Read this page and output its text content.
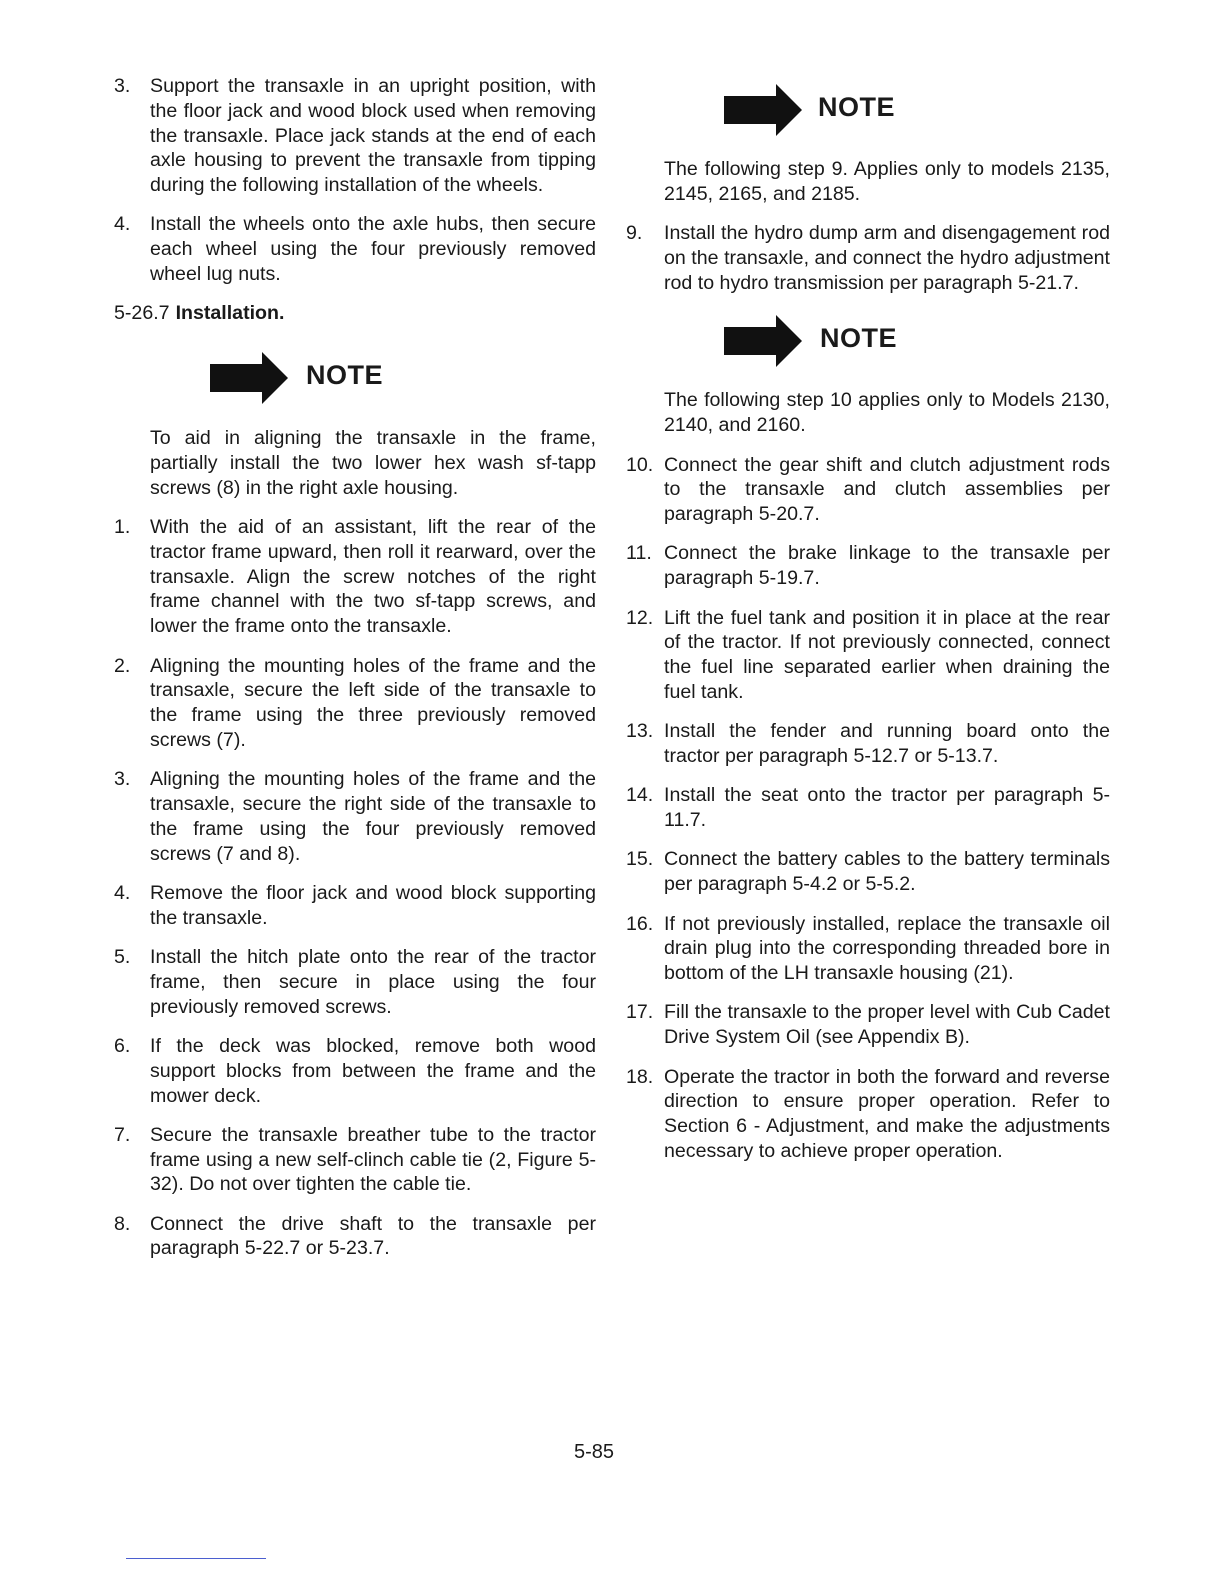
3. Support the transaxle in an upright position, with the floor jack and wood block used when removing the transaxle. Place jack stands at the end of each axle housing to prevent the transaxle from tipping during the following installation of the wheels.
4. Install the wheels onto the axle hubs, then secure each wheel using the four previously removed wheel lug nuts.
5-26.7 Installation.
NOTE

To aid in aligning the transaxle in the frame, partially install the two lower hex wash sf-tapp screws (8) in the right axle housing.

1. With the aid of an assistant, lift the rear of the tractor frame upward, then roll it rearward, over the transaxle. Align the screw notches of the right frame channel with the two sf-tapp screws, and lower the frame onto the transaxle.
2. Aligning the mounting holes of the frame and the transaxle, secure the left side of the transaxle to the frame using the three previously removed screws (7).
3. Aligning the mounting holes of the frame and the transaxle, secure the right side of the transaxle to the frame using the four previously removed screws (7 and 8).
4. Remove the floor jack and wood block supporting the transaxle.
5. Install the hitch plate onto the rear of the tractor frame, then secure in place using the four previously removed screws.
6. If the deck was blocked, remove both wood support blocks from between the frame and the mower deck.
7. Secure the transaxle breather tube to the tractor frame using a new self-clinch cable tie (2, Figure 5-32). Do not over tighten the cable tie.
8. Connect the drive shaft to the transaxle per paragraph 5-22.7 or 5-23.7.
NOTE

The following step 9. Applies only to models 2135, 2145, 2165, and 2185.

9. Install the hydro dump arm and disengagement rod on the transaxle, and connect the hydro adjustment rod to hydro transmission per paragraph 5-21.7.
NOTE

The following step 10 applies only to Models 2130, 2140, and 2160.

10. Connect the gear shift and clutch adjustment rods to the transaxle and clutch assemblies per paragraph 5-20.7.
11. Connect the brake linkage to the transaxle per paragraph 5-19.7.
12. Lift the fuel tank and position it in place at the rear of the tractor. If not previously connected, connect the fuel line separated earlier when draining the fuel tank.
13. Install the fender and running board onto the tractor per paragraph 5-12.7 or 5-13.7.
14. Install the seat onto the tractor per paragraph 5-11.7.
15. Connect the battery cables to the battery terminals per paragraph 5-4.2 or 5-5.2.
16. If not previously installed, replace the transaxle oil drain plug into the corresponding threaded bore in bottom of the LH transaxle housing (21).
17. Fill the transaxle to the proper level with Cub Cadet Drive System Oil (see Appendix B).
18. Operate the tractor in both the forward and reverse direction to ensure proper operation. Refer to Section 6 - Adjustment, and make the adjustments necessary to achieve proper operation.
5-85
